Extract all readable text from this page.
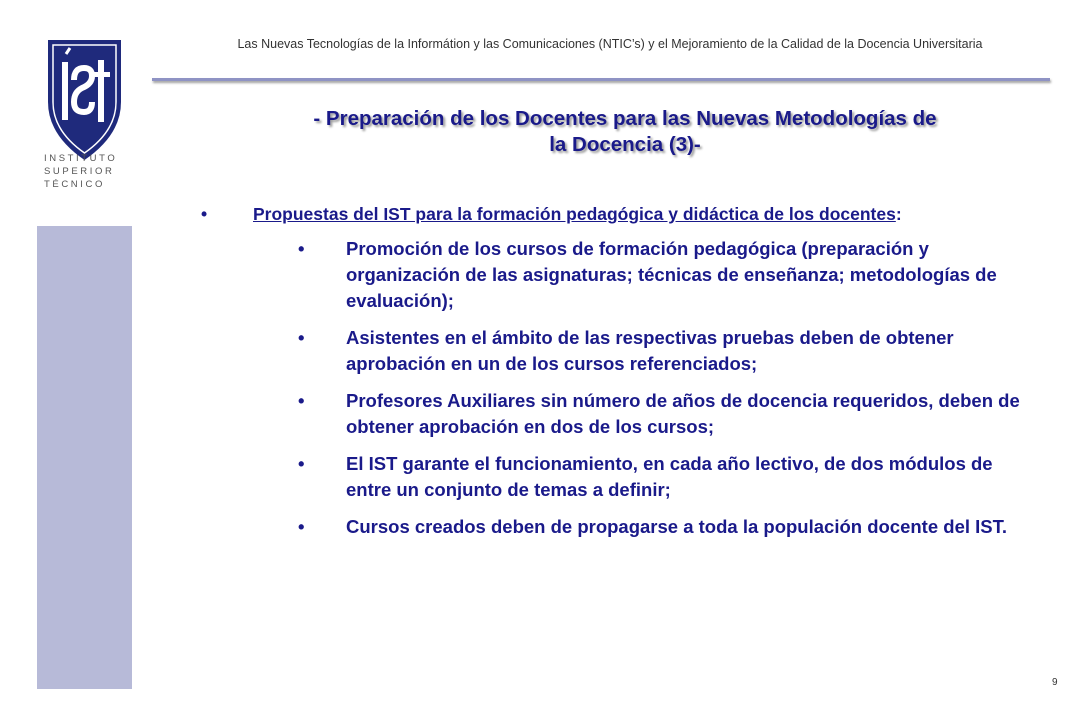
INSTITUTO
SUPERIOR
TÉCNICO
Las Nuevas Tecnologías de la Informátion y las Comunicaciones (NTIC’s) y el Mejoramiento de la Calidad de la Docencia Universitaria
- Preparación de los Docentes para las Nuevas Metodologías de
la Docencia (3)-
•	Propuestas del IST para la formación pedagógica y didáctica de los docentes:
• Promoción de los cursos de formación pedagógica (preparación y organización de las asignaturas; técnicas de enseñanza; metodologías de evaluación);
• Asistentes en el ámbito de las respectivas pruebas deben de obtener aprobación en un de los cursos referenciados;
• Profesores Auxiliares sin número de años de docencia requeridos, deben de obtener aprobación en dos de los cursos;
• El IST garante el funcionamiento, en cada año lectivo, de dos módulos de entre un conjunto de temas a definir;
• Cursos creados deben de propagarse a toda la populación docente del IST.
9
